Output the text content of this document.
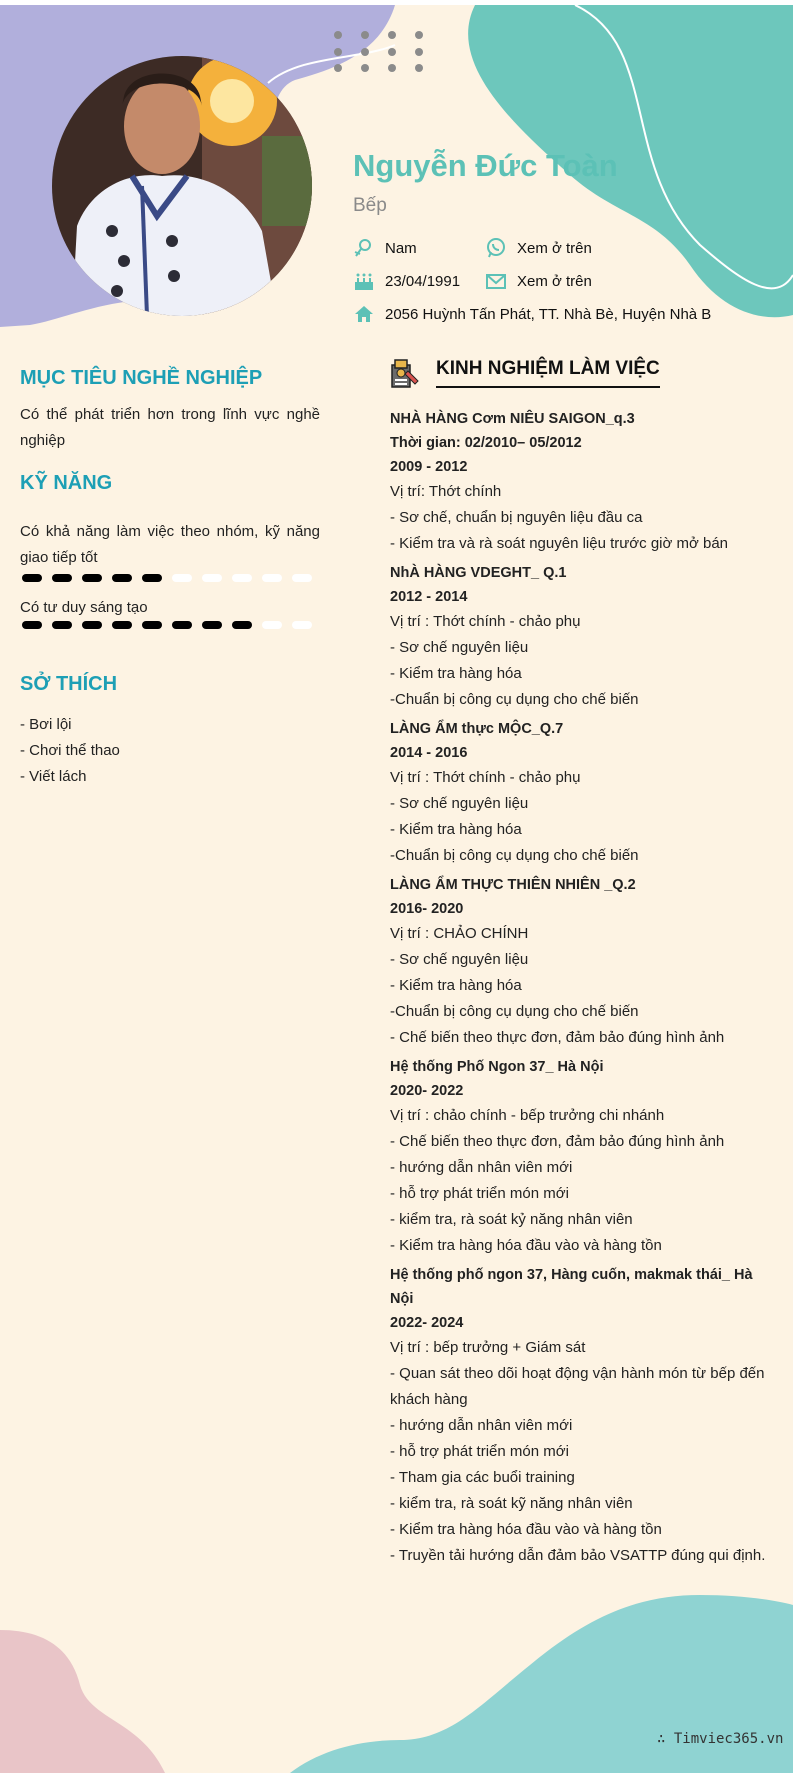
Nguyễn Đức Toàn
Bếp
Nam	Xem ở trên
23/04/1991	Xem ở trên
2056 Huỳnh Tấn Phát, TT. Nhà Bè, Huyện Nhà B
MỤC TIÊU NGHỀ NGHIỆP
Có thể phát triển hơn trong lĩnh vực nghề nghiệp
KỸ NĂNG
Có khả năng làm việc theo nhóm, kỹ năng giao tiếp tốt
Có tư duy sáng tạo
SỞ THÍCH
- Bơi lội
- Chơi thể thao
- Viết lách
KINH NGHIỆM LÀM VIỆC
NHÀ HÀNG Cơm NIÊU SAIGON_q.3
Thời gian: 02/2010– 05/2012
2009 - 2012
Vị trí: Thớt chính
- Sơ chế, chuẩn bị nguyên liệu đầu ca
- Kiểm tra và rà soát nguyên liệu trước giờ mở bán
NhÀ HÀNG VDEGHT_ Q.1
2012 - 2014
Vị trí : Thớt chính - chảo phụ
- Sơ chế nguyên liệu
- Kiểm tra hàng hóa
-Chuẩn bị công cụ dụng cho chế biến
LÀNG ẨM thực MỘC_Q.7
2014 - 2016
Vị trí : Thớt chính - chảo phụ
- Sơ chế nguyên liệu
- Kiểm tra hàng hóa
-Chuẩn bị công cụ dụng cho chế biến
LÀNG ẨM THỰC THIÊN NHIÊN _Q.2
2016- 2020
Vị trí : CHẢO CHÍNH
- Sơ chế nguyên liệu
- Kiểm tra hàng hóa
-Chuẩn bị công cụ dụng cho chế biến
- Chế biến theo thực đơn, đảm bảo đúng hình ảnh
Hệ thống Phố Ngon 37_ Hà Nội
2020- 2022
Vị trí : chảo chính - bếp trưởng chi nhánh
- Chế biến theo thực đơn, đảm bảo đúng hình ảnh
- hướng dẫn nhân viên mới
- hỗ trợ phát triển món mới
- kiểm tra, rà soát kỷ năng nhân viên
- Kiểm tra hàng hóa đầu vào và hàng tồn
Hệ thống phố ngon 37, Hàng cuốn, makmak thái_ Hà Nội
2022- 2024
Vị trí : bếp trưởng + Giám sát
- Quan sát theo dõi hoạt động vận hành món từ bếp đến khách hàng
- hướng dẫn nhân viên mới
- hỗ trợ phát triển món mới
- Tham gia các buổi training
- kiểm tra, rà soát kỹ năng nhân viên
- Kiểm tra hàng hóa đầu vào và hàng tồn
- Truyền tải hướng dẫn đảm bảo VSATTP đúng qui định.
∴ Timviec365.vn
